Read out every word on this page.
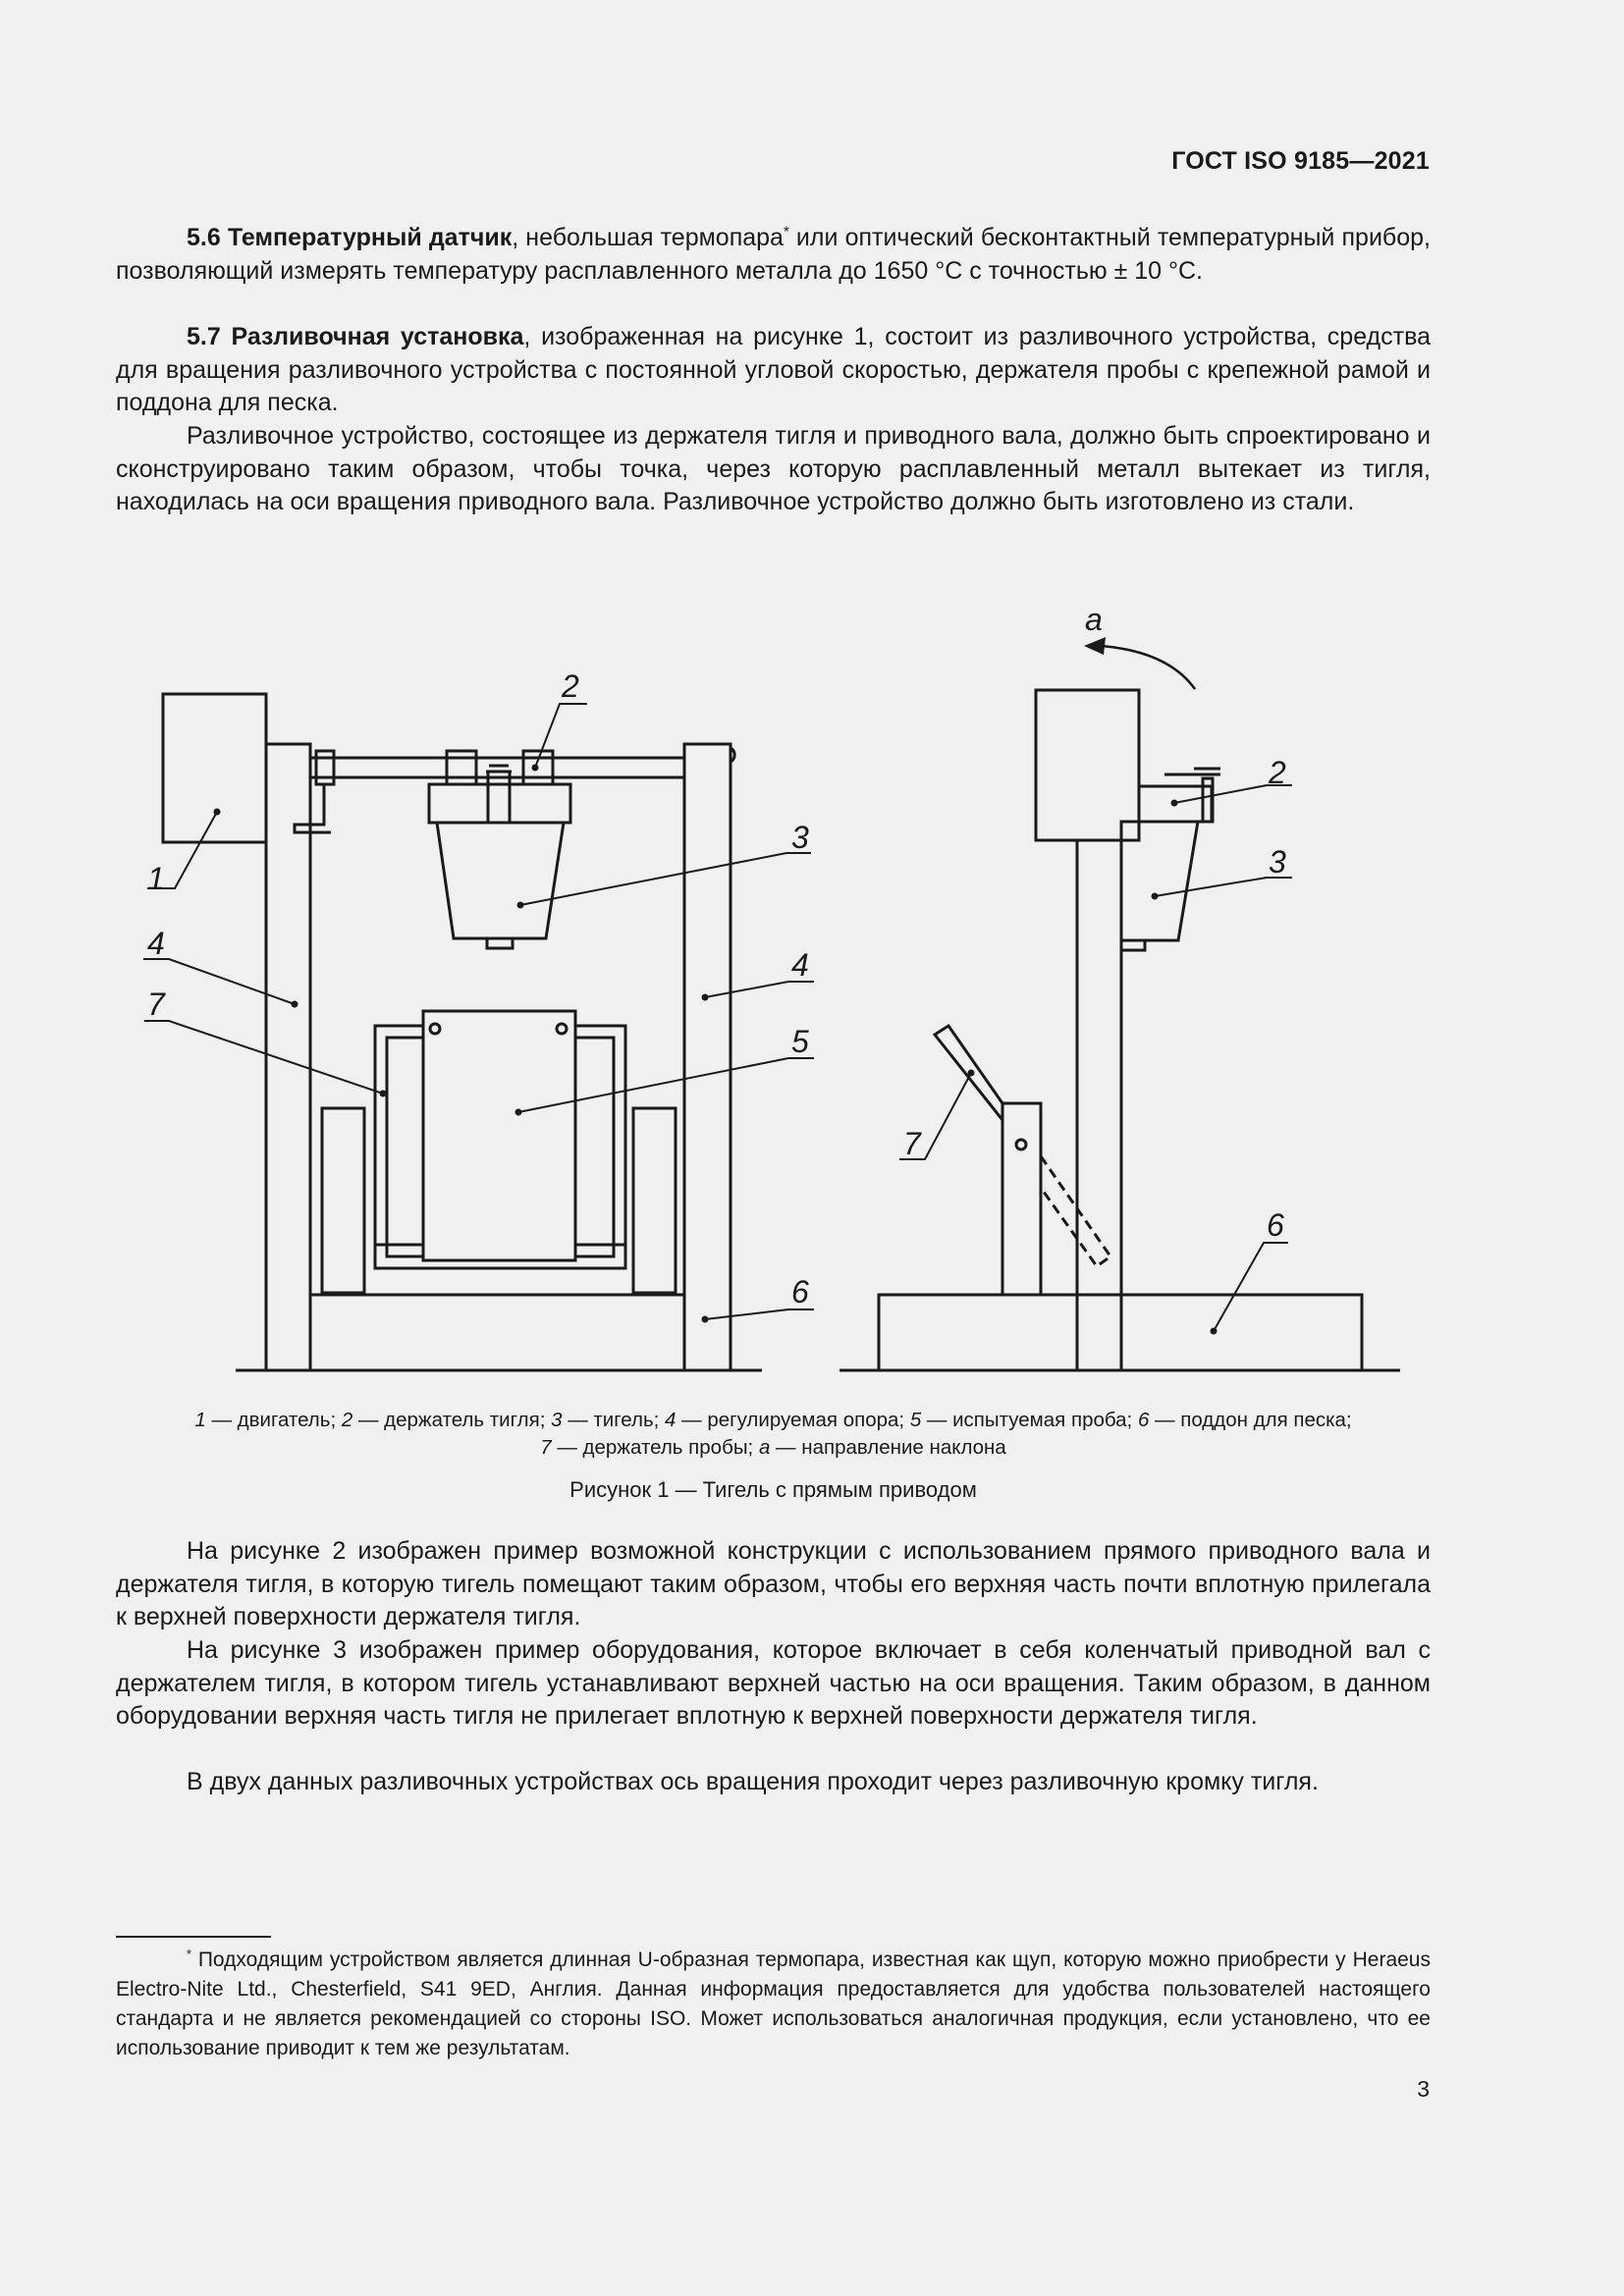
ГОСТ ISO 9185—2021

5.6 Температурный датчик, небольшая термопара* или оптический бесконтактный температурный прибор, позволяющий измерять температуру расплавленного металла до 1650 °С с точностью ± 10 °С.

5.7 Разливочная установка, изображенная на рисунке 1, состоит из разливочного устройства, средства для вращения разливочного устройства с постоянной угловой скоростью, держателя пробы с крепежной рамой и поддона для песка.

Разливочное устройство, состоящее из держателя тигля и приводного вала, должно быть спроектировано и сконструировано таким образом, чтобы точка, через которую расплавленный металл вытекает из тигля, находилась на оси вращения приводного вала. Разливочное устройство должно быть изготовлено из стали.

1
2
3
4
4
7
5
6
2
3
7
6
a
1 — двигатель; 2 — держатель тигля; 3 — тигель; 4 — регулируемая опора; 5 — испытуемая проба; 6 — поддон для песка;
7 — держатель пробы; a — направление наклона
Рисунок 1 — Тигель с прямым приводом

На рисунке 2 изображен пример возможной конструкции с использованием прямого приводного вала и держателя тигля, в которую тигель помещают таким образом, чтобы его верхняя часть почти вплотную прилегала к верхней поверхности держателя тигля.

На рисунке 3 изображен пример оборудования, которое включает в себя коленчатый приводной вал с держателем тигля, в котором тигель устанавливают верхней частью на оси вращения. Таким образом, в данном оборудовании верхняя часть тигля не прилегает вплотную к верхней поверхности держателя тигля.

В двух данных разливочных устройствах ось вращения проходит через разливочную кромку тигля.

* Подходящим устройством является длинная U-образная термопара, известная как щуп, которую можно приобрести у Heraeus Electro-Nite Ltd., Chesterfield, S41 9ED, Англия. Данная информация предоставляется для удобства пользователей настоящего стандарта и не является рекомендацией со стороны ISO. Может использоваться аналогичная продукция, если установлено, что ее использование приводит к тем же результатам.

3
